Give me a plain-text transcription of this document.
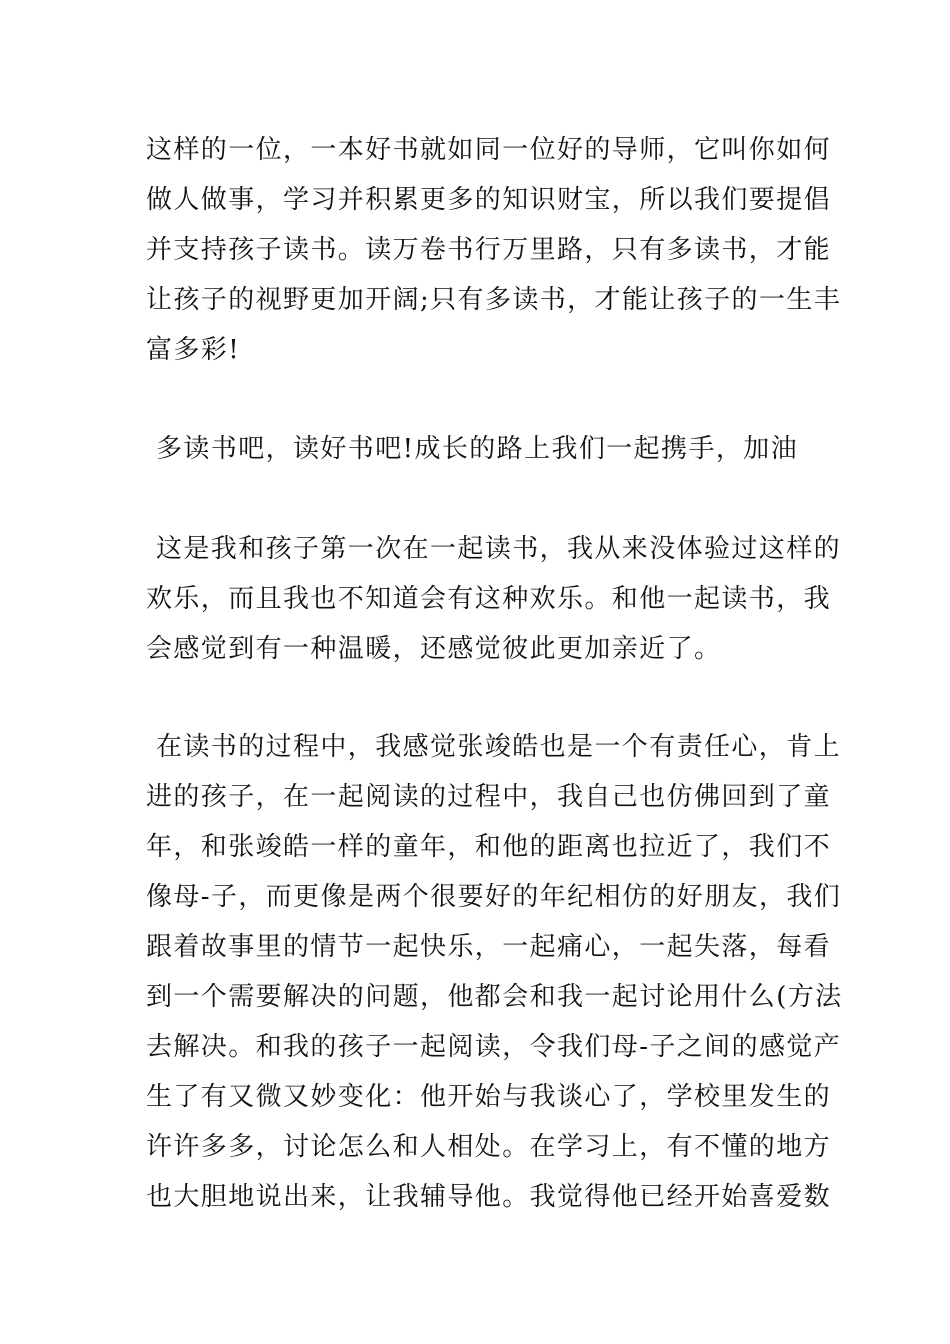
这样的一位，一本好书就如同一位好的导师，它叫你如何
做人做事，学习并积累更多的知识财宝，所以我们要提倡
并支持孩子读书。读万卷书行万里路，只有多读书，才能
让孩子的视野更加开阔;只有多读书，才能让孩子的一生丰
富多彩!
多读书吧，读好书吧!成长的路上我们一起携手，加油
这是我和孩子第一次在一起读书，我从来没体验过这样的
欢乐，而且我也不知道会有这种欢乐。和他一起读书，我
会感觉到有一种温暖，还感觉彼此更加亲近了。
在读书的过程中，我感觉张竣皓也是一个有责任心，肯上
进的孩子，在一起阅读的过程中，我自己也仿佛回到了童
年，和张竣皓一样的童年，和他的距离也拉近了，我们不
像母-子，而更像是两个很要好的年纪相仿的好朋友，我们
跟着故事里的情节一起快乐，一起痛心，一起失落，每看
到一个需要解决的问题，他都会和我一起讨论用什么(方法
去解决。和我的孩子一起阅读，令我们母-子之间的感觉产
生了有又微又妙变化：他开始与我谈心了，学校里发生的
许许多多，讨论怎么和人相处。在学习上，有不懂的地方
也大胆地说出来，让我辅导他。我觉得他已经开始喜爱数
